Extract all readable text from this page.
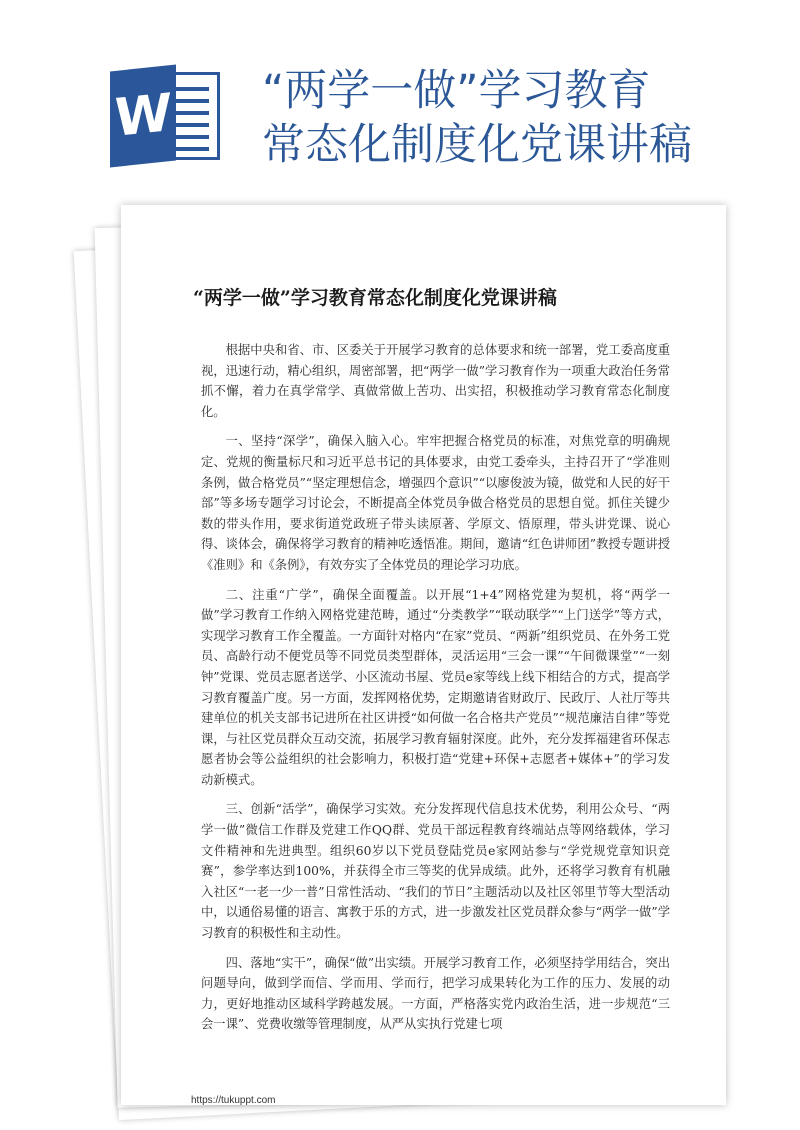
W “两学一做”学习教育
常态化制度化党课讲稿
“两学一做”学习教育常态化制度化党课讲稿

根据中央和省、市、区委关于开展学习教育的总体要求和统一部署，党工委高度重视，迅速行动，精心组织，周密部署，把“两学一做”学习教育作为一项重大政治任务常抓不懈，着力在真学常学、真做常做上苦功、出实招，积极推动学习教育常态化制度化。

一、坚持“深学”，确保入脑入心。牢牢把握合格党员的标准，对焦党章的明确规定、党规的衡量标尺和习近平总书记的具体要求，由党工委牵头，主持召开了“学准则条例，做合格党员”“坚定理想信念，增强四个意识”“以廖俊波为镜，做党和人民的好干部”等多场专题学习讨论会，不断提高全体党员争做合格党员的思想自觉。抓住关键少数的带头作用，要求街道党政班子带头读原著、学原文、悟原理，带头讲党课、说心得、谈体会，确保将学习教育的精神吃透悟准。期间，邀请“红色讲师团”教授专题讲授《准则》和《条例》，有效夯实了全体党员的理论学习功底。

二、注重“广学”，确保全面覆盖。以开展“1+4”网格党建为契机，将“两学一做”学习教育工作纳入网格党建范畴，通过“分类教学”“联动联学”“上门送学”等方式，实现学习教育工作全覆盖。一方面针对格内“在家”党员、“两新”组织党员、在外务工党员、高龄行动不便党员等不同党员类型群体，灵活运用“三会一课”“午间微课堂”“一刻钟”党课、党员志愿者送学、小区流动书屋、党员e家等线上线下相结合的方式，提高学习教育覆盖广度。另一方面，发挥网格优势，定期邀请省财政厅、民政厅、人社厅等共建单位的机关支部书记进所在社区讲授“如何做一名合格共产党员”“规范廉洁自律”等党课，与社区党员群众互动交流，拓展学习教育辐射深度。此外，充分发挥福建省环保志愿者协会等公益组织的社会影响力，积极打造“党建+环保+志愿者+媒体+”的学习发动新模式。

三、创新“活学”，确保学习实效。充分发挥现代信息技术优势，利用公众号、“两学一做”微信工作群及党建工作QQ群、党员干部远程教育终端站点等网络载体，学习文件精神和先进典型。组织60岁以下党员登陆党员e家网站参与“学党规党章知识竞赛”，参学率达到100%，并获得全市三等奖的优异成绩。此外，还将学习教育有机融入社区“一老一少一普”日常性活动、“我们的节日”主题活动以及社区邻里节等大型活动中，以通俗易懂的语言、寓教于乐的方式，进一步激发社区党员群众参与“两学一做”学习教育的积极性和主动性。

四、落地“实干”，确保“做”出实绩。开展学习教育工作，必须坚持学用结合，突出问题导向，做到学而信、学而用、学而行，把学习成果转化为工作的压力、发展的动力，更好地推动区域科学跨越发展。一方面，严格落实党内政治生活，进一步规范“三会一课”、党费收缴等管理制度，从严从实执行党建七项

https://tukuppt.com
